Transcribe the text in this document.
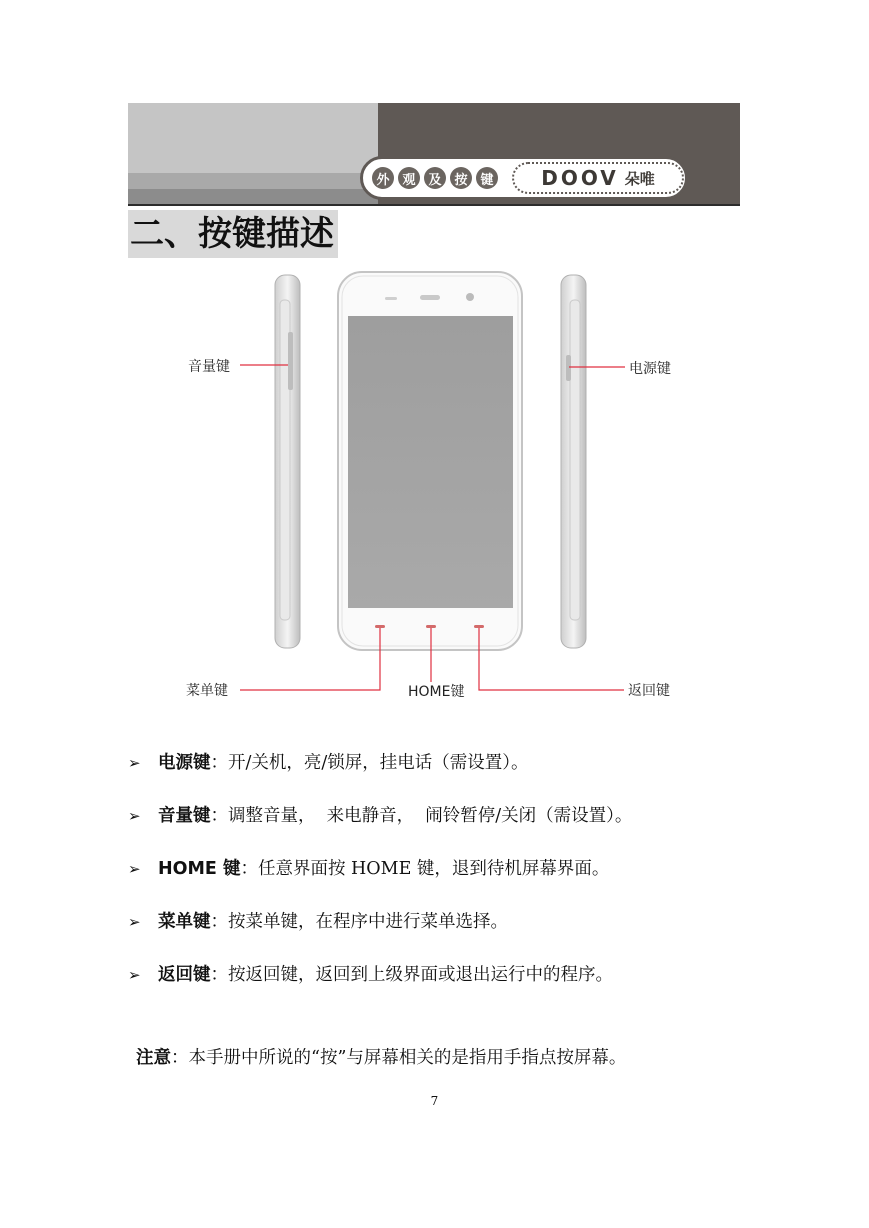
外 观 及 按 键 DOOV 朵唯
二、按键描述
音量键	电源键
菜单键	HOME键	返回键
➢ 电源键：开/关机，亮/锁屏，挂电话（需设置）。
➢ 音量键：调整音量，  来电静音，  闹铃暂停/关闭（需设置）。
➢ HOME 键：任意界面按 HOME 键，退到待机屏幕界面。
➢ 菜单键：按菜单键，在程序中进行菜单选择。
➢ 返回键：按返回键，返回到上级界面或退出运行中的程序。
注意：本手册中所说的“按”与屏幕相关的是指用手指点按屏幕。
7
